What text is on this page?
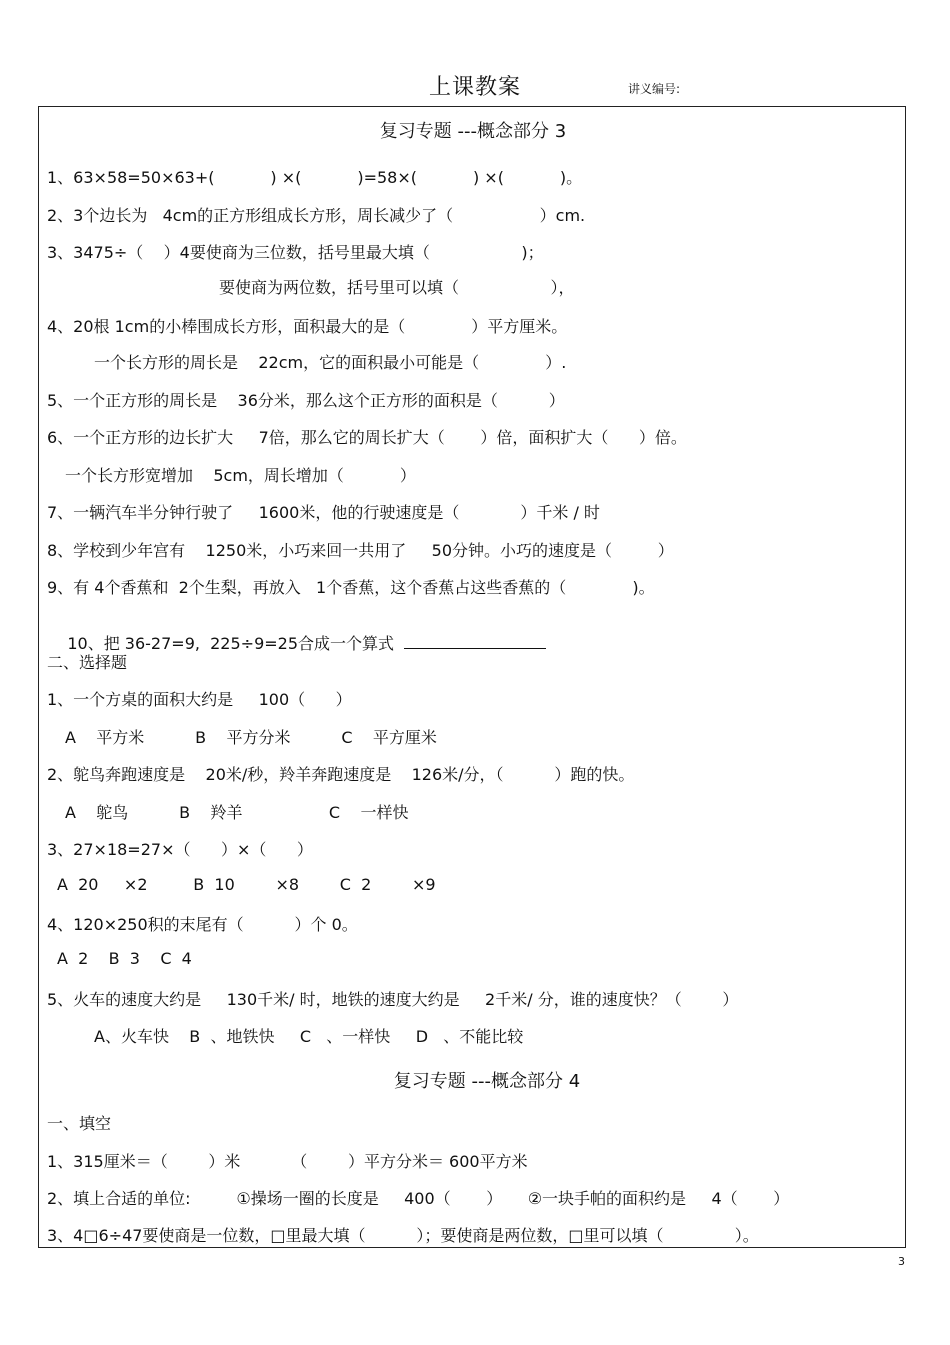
上课教案	讲义编号:
复习专题 ---概念部分 3
1、63×58=50×63+(           ) ×(           )=58×(           ) ×(           )。
2、3个边长为   4cm的正方形组成长方形，周长减少了（                 ）cm.
3、3475÷（    ）4要使商为三位数，括号里最大填（                  )；
要使商为两位数，括号里可以填（                  ），
4、20根 1cm的小棒围成长方形，面积最大的是（             ）平方厘米。
一个长方形的周长是    22cm，它的面积最小可能是（             ）.
5、一个正方形的周长是    36分米，那么这个正方形的面积是（          ）
6、一个正方形的边长扩大     7倍，那么它的周长扩大（       ）倍，面积扩大（      ）倍。
一个长方形宽增加    5cm，周长增加（           ）
7、一辆汽车半分钟行驶了     1600米，他的行驶速度是（            ）千米 / 时
8、学校到少年宫有    1250米，小巧来回一共用了     50分钟。小巧的速度是（         ）
9、有 4个香蕉和  2个生梨，再放入   1个香蕉，这个香蕉占这些香蕉的（             )。

10、把 36-27=9,  225÷9=25合成一个算式

二、选择题
1、一个方桌的面积大约是     100（      ）
A    平方米          B    平方分米          C    平方厘米
2、鸵鸟奔跑速度是    20米/秒，羚羊奔跑速度是    126米/分，（          ）跑的快。
A    鸵鸟          B    羚羊                 C    一样快
3、27×18=27×（      ）×（      ）
A  20     ×2         B  10        ×8        C  2        ×9
4、120×250积的末尾有（          ）个 0。
A  2    B  3    C  4
5、火车的速度大约是     130千米/ 时，地铁的速度大约是     2千米/ 分，谁的速度快？（        ）
A、火车快    B  、地铁快     C   、一样快     D   、不能比较
复习专题 ---概念部分 4
一、填空
1、315厘米＝（        ）米          （        ）平方分米＝ 600平方米
2、填上合适的单位:         ①操场一圈的长度是     400（       ）     ②一块手帕的面积约是     4（       ）
3、4□6÷47要使商是一位数，□里最大填（          ）；要使商是两位数，□里可以填（              ）。
3
